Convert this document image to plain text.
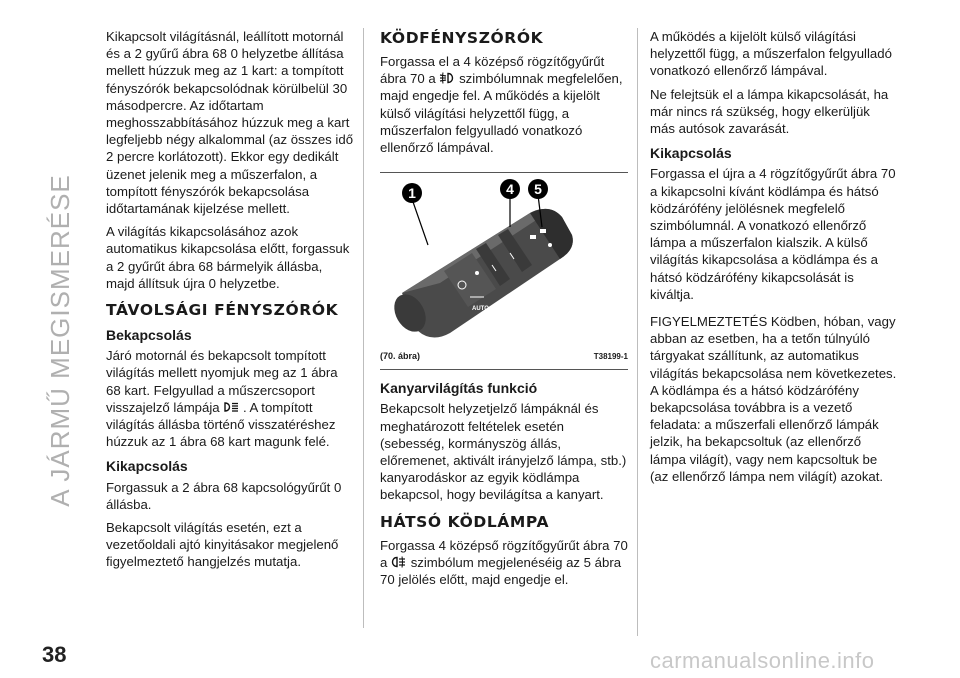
A JÁRMŰ MEGISMERÉSE

Kikapcsolt világításnál, leállított motornál és a 2 gyűrű ábra 68 0 helyzetbe állítása mellett húzzuk meg az 1 kart: a tompított fényszórók bekapcsolódnak körülbelül 30 másodpercre. Az időtartam meghosszabbításához húzzuk meg a kart legfeljebb négy alkalommal (az összes idő 2 percre korlátozott). Ekkor egy dedikált üzenet jelenik meg a műszerfalon, a tompított fényszórók bekapcsolása időtartamának kijelzése mellett.

A világítás kikapcsolásához azok automatikus kikapcsolása előtt, forgassuk a 2 gyűrűt ábra 68 bármelyik állásba, majd állítsuk újra 0 helyzetbe.

TÁVOLSÁGI FÉNYSZÓRÓK
Bekapcsolás

Járó motornál és bekapcsolt tompított világítás mellett nyomjuk meg az 1 ábra 68 kart. Felgyullad a műszercsoport visszajelző lámpája . A tompított világítás állásba történő visszatéréshez húzzuk az 1 ábra 68 kart magunk felé.

Kikapcsolás

Forgassuk a 2 ábra 68 kapcsológyűrűt 0 állásba.

Bekapcsolt világítás esetén, ezt a vezetőoldali ajtó kinyitásakor megjelenő figyelmeztető hangjelzés mutatja.

KÖDFÉNYSZÓRÓK

Forgassa el a 4 középső rögzítőgyűrűt ábra 70 a szimbólumnak megfelelően, majd engedje fel. A működés a kijelölt külső világítási helyzettől függ, a műszerfalon felgyulladó vonatkozó ellenőrző lámpával.

1	4 5
AUTO
(70. ábra)	T38199-1
Kanyarvilágítás funkció

Bekapcsolt helyzetjelző lámpáknál és meghatározott feltételek esetén (sebesség, kormányszög állás, előremenet, aktivált irányjelző lámpa, stb.) kanyarodáskor az egyik ködlámpa bekapcsol, hogy bevilágítsa a kanyart.

HÁTSÓ KÖDLÁMPA

Forgassa 4 középső rögzítőgyűrűt ábra 70 a szimbólum megjelenéséig az 5 ábra 70 jelölés előtt, majd engedje el.

A működés a kijelölt külső világítási helyzettől függ, a műszerfalon felgyulladó vonatkozó ellenőrző lámpával.

Ne felejtsük el a lámpa kikapcsolását, ha már nincs rá szükség, hogy elkerüljük más autósok zavarását.

Kikapcsolás

Forgassa el újra a 4 rögzítőgyűrűt ábra 70 a kikapcsolni kívánt ködlámpa és hátsó ködzárófény jelölésnek megfelelő szimbólumnál. A vonatkozó ellenőrző lámpa a műszerfalon kialszik. A külső világítás kikapcsolása a ködlámpa és a hátsó ködzárófény kikapcsolását is kiváltja.

FIGYELMEZTETÉS Ködben, hóban, vagy abban az esetben, ha a tetőn túlnyúló tárgyakat szállítunk, az automatikus világítás bekapcsolása nem következetes. A ködlámpa és a hátsó ködzárófény bekapcsolása továbbra is a vezető feladata: a műszerfali ellenőrző lámpák jelzik, ha bekapcsoltuk (az ellenőrző lámpa világít), vagy nem kapcsoltuk be (az ellenőrző lámpa nem világít) azokat.

38	carmanualsonline.info
